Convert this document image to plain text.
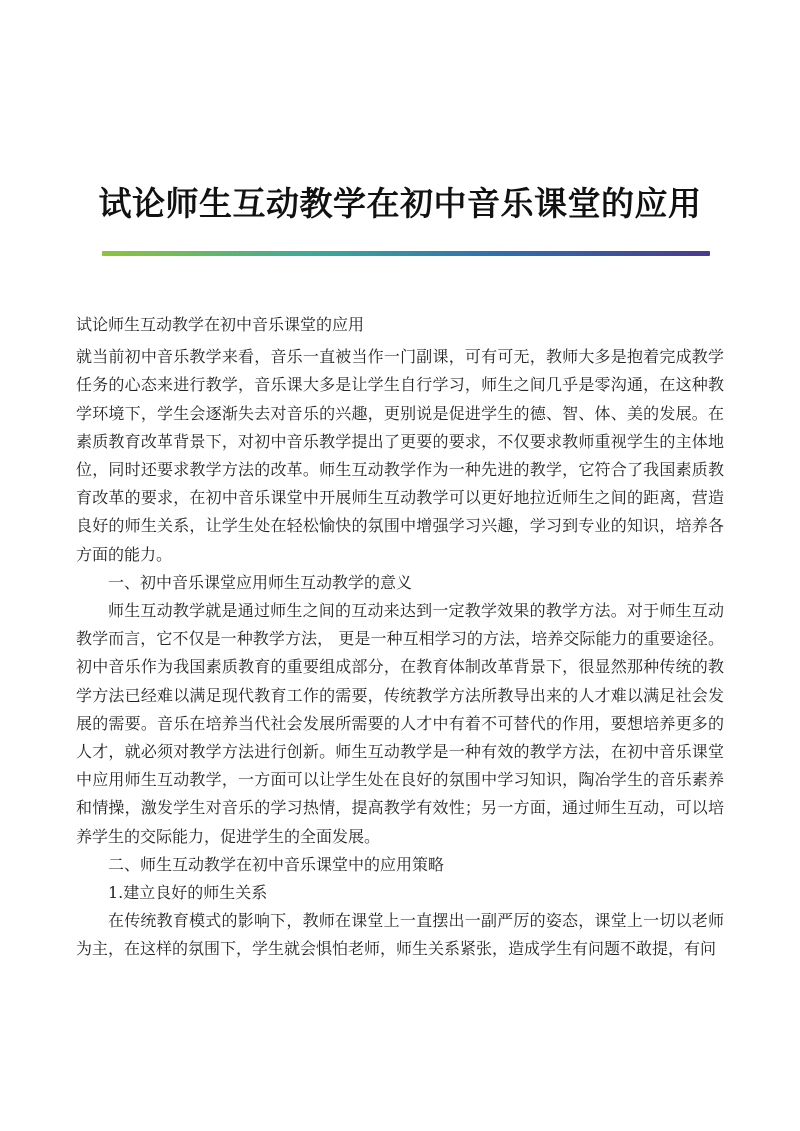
试论师生互动教学在初中音乐课堂的应用

试论师生互动教学在初中音乐课堂的应用

就当前初中音乐教学来看，音乐一直被当作一门副课，可有可无，教师大多是抱着完成教学任务的心态来进行教学，音乐课大多是让学生自行学习，师生之间几乎是零沟通，在这种教学环境下，学生会逐渐失去对音乐的兴趣，更别说是促进学生的德、智、体、美的发展。在素质教育改革背景下，对初中音乐教学提出了更要的要求，不仅要求教师重视学生的主体地位，同时还要求教学方法的改革。师生互动教学作为一种先进的教学，它符合了我国素质教育改革的要求，在初中音乐课堂中开展师生互动教学可以更好地拉近师生之间的距离，营造良好的师生关系，让学生处在轻松愉快的氛围中增强学习兴趣，学习到专业的知识，培养各方面的能力。

一、初中音乐课堂应用师生互动教学的意义

师生互动教学就是通过师生之间的互动来达到一定教学效果的教学方法。对于师生互动教学而言，它不仅是一种教学方法， 更是一种互相学习的方法，培养交际能力的重要途径。初中音乐作为我国素质教育的重要组成部分，在教育体制改革背景下，很显然那种传统的教学方法已经难以满足现代教育工作的需要，传统教学方法所教导出来的人才难以满足社会发展的需要。音乐在培养当代社会发展所需要的人才中有着不可替代的作用，要想培养更多的人才，就必须对教学方法进行创新。师生互动教学是一种有效的教学方法，在初中音乐课堂中应用师生互动教学，一方面可以让学生处在良好的氛围中学习知识，陶冶学生的音乐素养和情操，激发学生对音乐的学习热情，提高教学有效性；另一方面，通过师生互动，可以培养学生的交际能力，促进学生的全面发展。

二、师生互动教学在初中音乐课堂中的应用策略

1.建立良好的师生关系

在传统教育模式的影响下，教师在课堂上一直摆出一副严厉的姿态，课堂上一切以老师为主，在这样的氛围下，学生就会惧怕老师，师生关系紧张，造成学生有问题不敢提，有问
